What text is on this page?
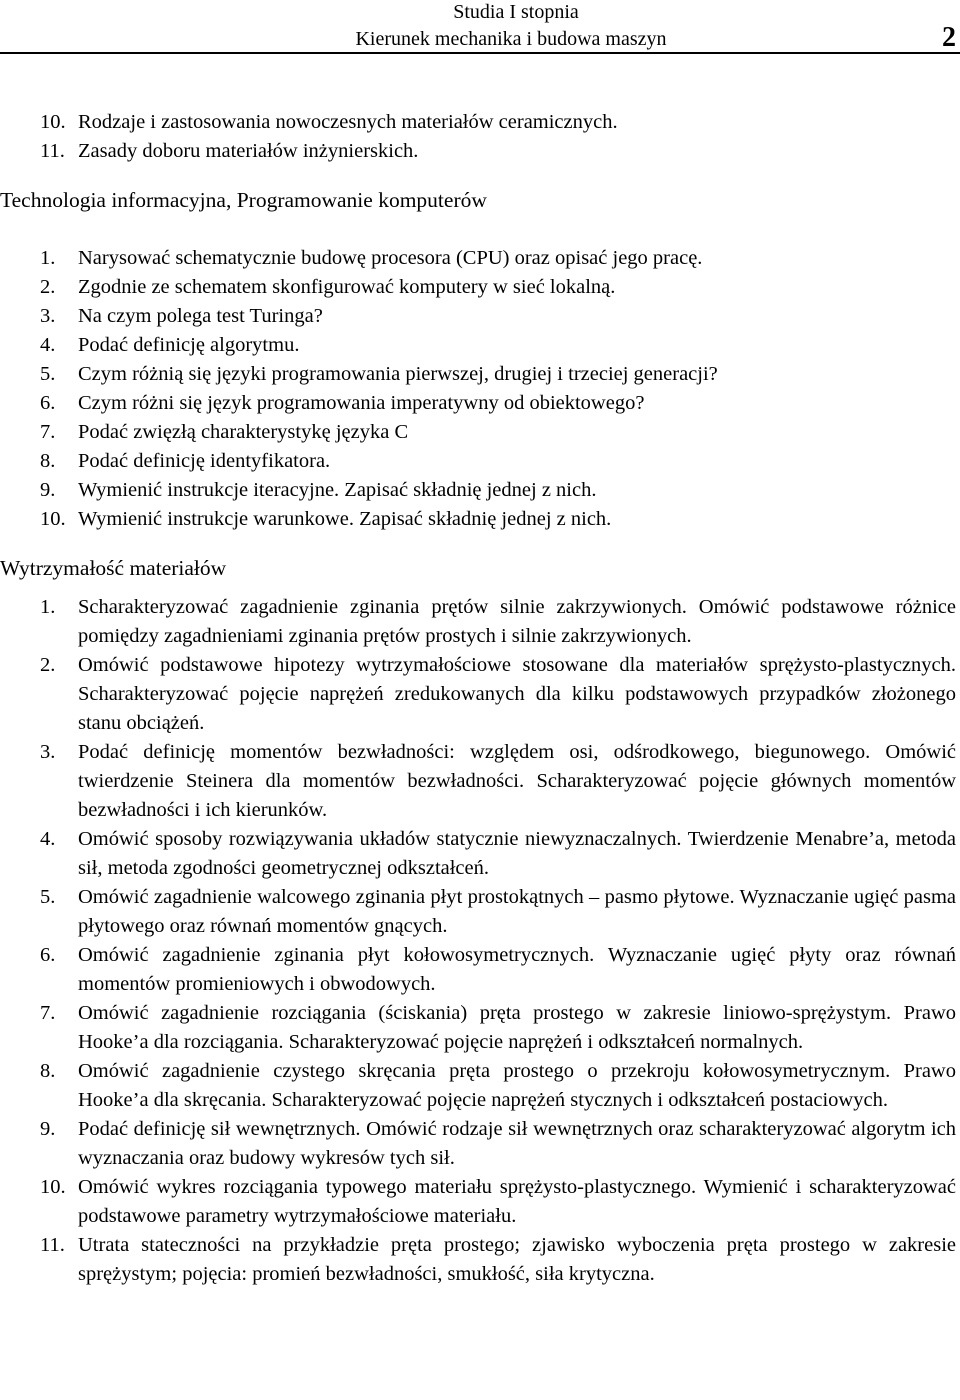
Studia I stopnia
Kierunek mechanika i budowa maszyn	2
10. Rodzaje i zastosowania nowoczesnych materiałów ceramicznych.
11. Zasady doboru materiałów inżynierskich.
Technologia informacyjna, Programowanie komputerów
1. Narysować schematycznie budowę procesora (CPU) oraz opisać jego pracę.
2. Zgodnie ze schematem skonfigurować komputery w sieć lokalną.
3. Na czym polega test Turinga?
4. Podać definicję algorytmu.
5. Czym różnią się języki programowania pierwszej, drugiej i trzeciej generacji?
6. Czym różni się język programowania imperatywny od obiektowego?
7. Podać zwięzłą charakterystykę języka C
8. Podać definicję identyfikatora.
9. Wymienić instrukcje iteracyjne. Zapisać składnię jednej z nich.
10. Wymienić instrukcje warunkowe. Zapisać składnię jednej z nich.
Wytrzymałość materiałów
1. Scharakteryzować zagadnienie zginania prętów silnie zakrzywionych. Omówić podstawowe różnice pomiędzy zagadnieniami zginania prętów prostych i silnie zakrzywionych.
2. Omówić podstawowe hipotezy wytrzymałościowe stosowane dla materiałów sprężysto-plastycznych. Scharakteryzować pojęcie naprężeń zredukowanych dla kilku podstawowych przypadków złożonego stanu obciążeń.
3. Podać definicję momentów bezwładności: względem osi, odśrodkowego, biegunowego. Omówić twierdzenie Steinera dla momentów bezwładności. Scharakteryzować pojęcie głównych momentów bezwładności i ich kierunków.
4. Omówić sposoby rozwiązywania układów statycznie niewyznaczalnych. Twierdzenie Menabre’a, metoda sił, metoda zgodności geometrycznej odkształceń.
5. Omówić zagadnienie walcowego zginania płyt prostokątnych – pasmo płytowe. Wyznaczanie ugięć pasma płytowego oraz równań momentów gnących.
6. Omówić zagadnienie zginania płyt kołowosymetrycznych. Wyznaczanie ugięć płyty oraz równań momentów promieniowych i obwodowych.
7. Omówić zagadnienie rozciągania (ściskania) pręta prostego w zakresie liniowo-sprężystym. Prawo Hooke’a dla rozciągania. Scharakteryzować pojęcie naprężeń i odkształceń normalnych.
8. Omówić zagadnienie czystego skręcania pręta prostego o przekroju kołowosymetrycznym. Prawo Hooke’a dla skręcania. Scharakteryzować pojęcie naprężeń stycznych i odkształceń postaciowych.
9. Podać definicję sił wewnętrznych. Omówić rodzaje sił wewnętrznych oraz scharakteryzować algorytm ich wyznaczania oraz budowy wykresów tych sił.
10. Omówić wykres rozciągania typowego materiału sprężysto-plastycznego. Wymienić i scharakteryzować podstawowe parametry wytrzymałościowe materiału.
11. Utrata stateczności na przykładzie pręta prostego; zjawisko wyboczenia pręta prostego w zakresie sprężystym; pojęcia: promień bezwładności, smukłość, siła krytyczna.
